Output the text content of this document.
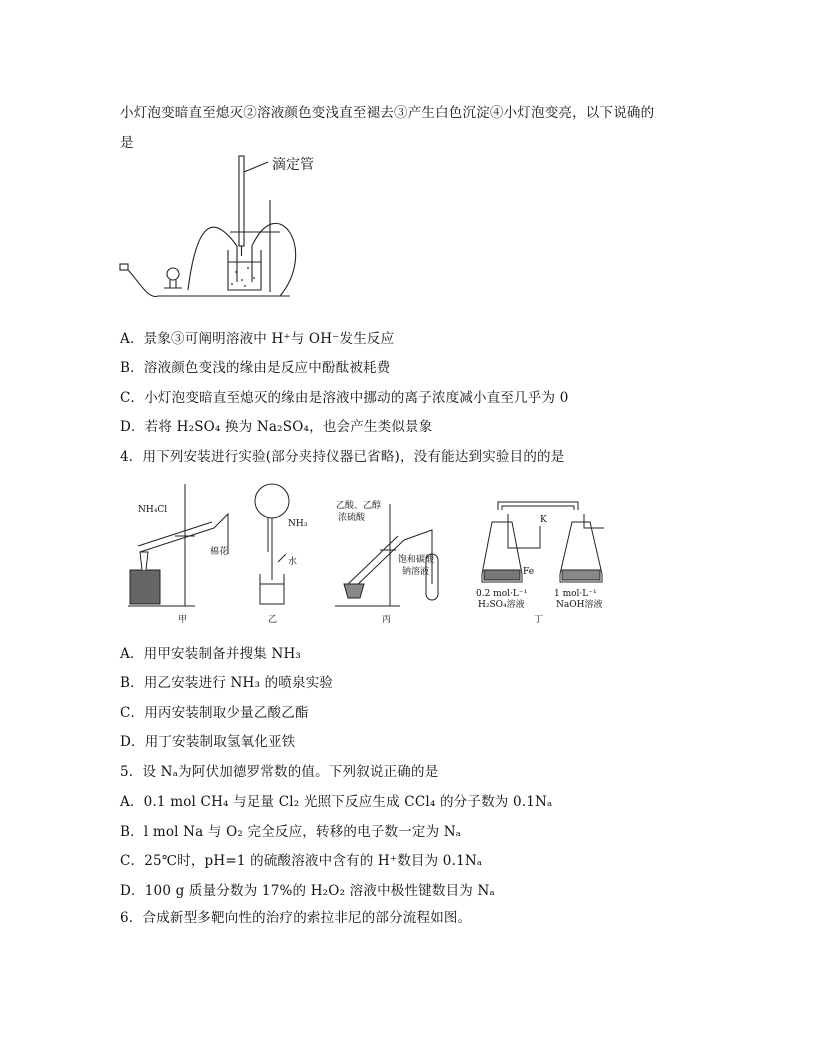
小灯泡变暗直至熄灭②溶液颜色变浅直至褪去③产生白色沉淀④小灯泡变亮，以下说确的
是
滴定管
A．景象③可阐明溶液中 H⁺与 OH⁻发生反应
B．溶液颜色变浅的缘由是反应中酚酞被耗费
C．小灯泡变暗直至熄灭的缘由是溶液中挪动的离子浓度减小直至几乎为 0
D．若将 H₂SO₄ 换为 Na₂SO₄，也会产生类似景象
4．用下列安装进行实验(部分夹持仪器已省略)，没有能达到实验目的的是
NH₄Cl
棉花
NH₃
水
乙酸、乙醇
浓硫酸
饱和碳酸
钠溶液
K
Fe
0.2 mol·L⁻¹
H₂SO₄溶液
1 mol·L⁻¹
NaOH溶液
甲	乙	丙	丁
A．用甲安装制备并搜集 NH₃
B．用乙安装进行 NH₃ 的喷泉实验
C．用丙安装制取少量乙酸乙酯
D．用丁安装制取氢氧化亚铁
5．设 Nₐ为阿伏加德罗常数的值。下列叙说正确的是
A．0.1 mol CH₄ 与足量 Cl₂ 光照下反应生成 CCl₄ 的分子数为 0.1Nₐ
B．l mol Na 与 O₂ 完全反应，转移的电子数一定为 Nₐ
C．25℃时，pH=1 的硫酸溶液中含有的 H⁺数目为 0.1Nₐ
D．100 g 质量分数为 17%的 H₂O₂ 溶液中极性键数目为 Nₐ
6．合成新型多靶向性的治疗的索拉非尼的部分流程如图。
